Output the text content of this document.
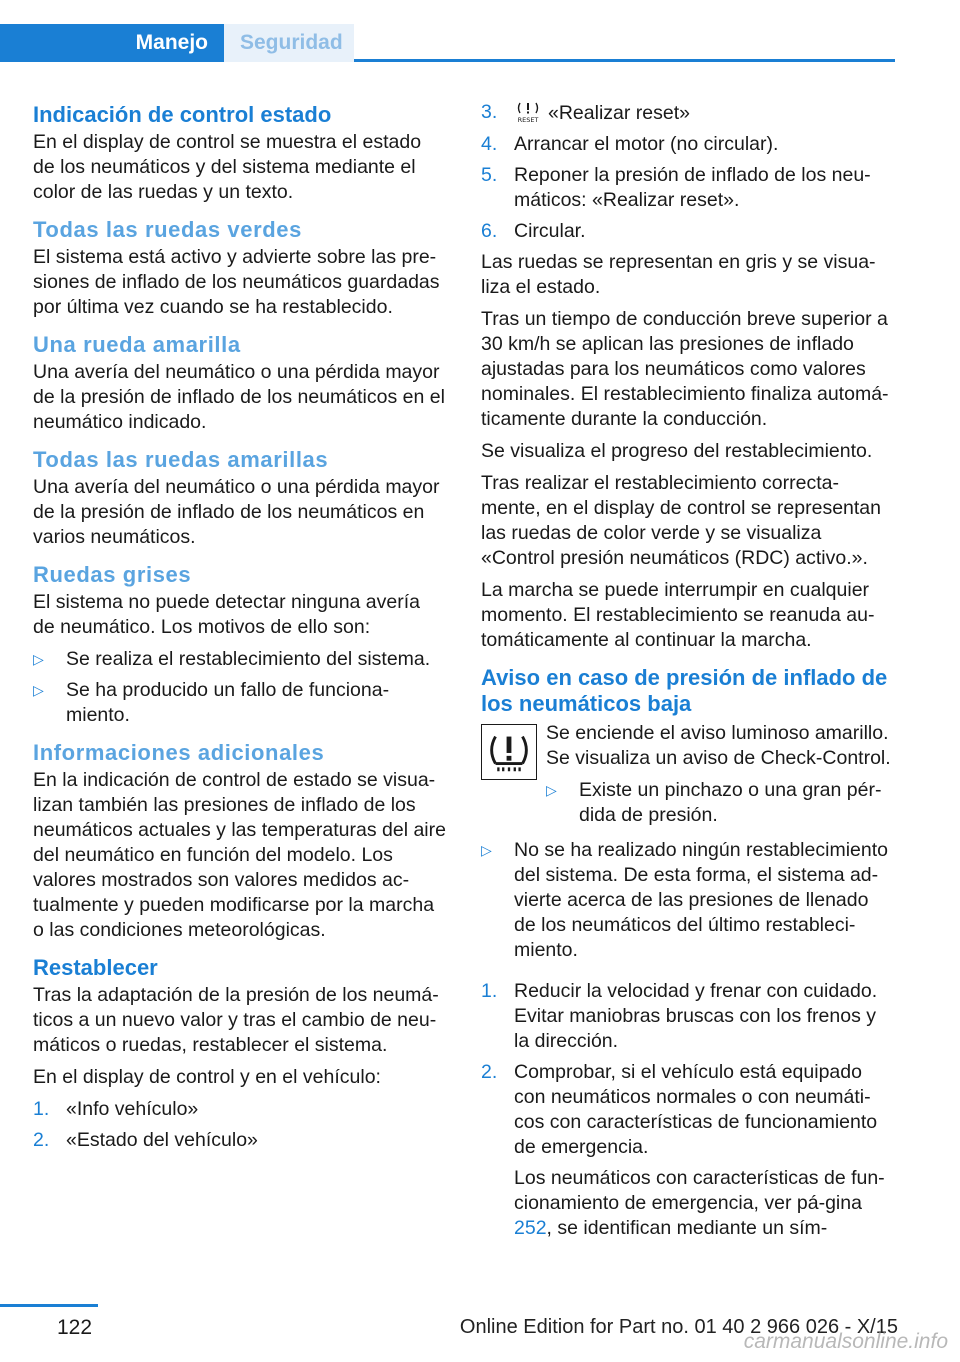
Manejo	Seguridad
Indicación de control estado

En el display de control se muestra el estado de los neumáticos y del sistema mediante el color de las ruedas y un texto.

Todas las ruedas verdes

El sistema está activo y advierte sobre las pre‐siones de inflado de los neumáticos guardadas por última vez cuando se ha restablecido.

Una rueda amarilla

Una avería del neumático o una pérdida mayor de la presión de inflado de los neumáticos en el neumático indicado.

Todas las ruedas amarillas

Una avería del neumático o una pérdida mayor de la presión de inflado de los neumáticos en varios neumáticos.

Ruedas grises

El sistema no puede detectar ninguna avería de neumático. Los motivos de ello son:

▷ Se realiza el restablecimiento del sistema.
▷ Se ha producido un fallo de funciona‐miento.
Informaciones adicionales

En la indicación de control de estado se visua‐lizan también las presiones de inflado de los neumáticos actuales y las temperaturas del aire del neumático en función del modelo. Los valores mostrados son valores medidos ac‐tualmente y pueden modificarse por la marcha o las condiciones meteorológicas.

Restablecer

Tras la adaptación de la presión de los neumá‐ticos a un nuevo valor y tras el cambio de neu‐máticos o ruedas, restablecer el sistema.

En el display de control y en el vehículo:

1. «Info vehículo»
2. «Estado del vehículo»
3.	RESET «Realizar reset»
4. Arrancar el motor (no circular).
5. Reponer la presión de inflado de los neu‐máticos: «Realizar reset».
6. Circular.

Las ruedas se representan en gris y se visua‐liza el estado.

Tras un tiempo de conducción breve superior a 30 km/h se aplican las presiones de inflado ajustadas para los neumáticos como valores nominales. El restablecimiento finaliza automá‐ticamente durante la conducción.

Se visualiza el progreso del restablecimiento.

Tras realizar el restablecimiento correcta‐mente, en el display de control se representan las ruedas de color verde y se visualiza «Control presión neumáticos (RDC) activo.».

La marcha se puede interrumpir en cualquier momento. El restablecimiento se reanuda au‐tomáticamente al continuar la marcha.

Aviso en caso de presión de inflado de los neumáticos baja

Se enciende el aviso luminoso amarillo. Se visualiza un aviso de Check-Control.

▷ Existe un pinchazo o una gran pér‐dida de presión.
▷ No se ha realizado ningún restablecimiento del sistema. De esta forma, el sistema ad‐vierte acerca de las presiones de llenado de los neumáticos del último restableci‐miento.
1. Reducir la velocidad y frenar con cuidado. Evitar maniobras bruscas con los frenos y la dirección.
2. Comprobar, si el vehículo está equipado con neumáticos normales o con neumáti‐cos con características de funcionamiento de emergencia.

Los neumáticos con características de fun‐cionamiento de emergencia, ver pá‐gina 252, se identifican mediante un sím‐

122	Online Edition for Part no. 01 40 2 966 026 - X/15
carmanualsonline.info
